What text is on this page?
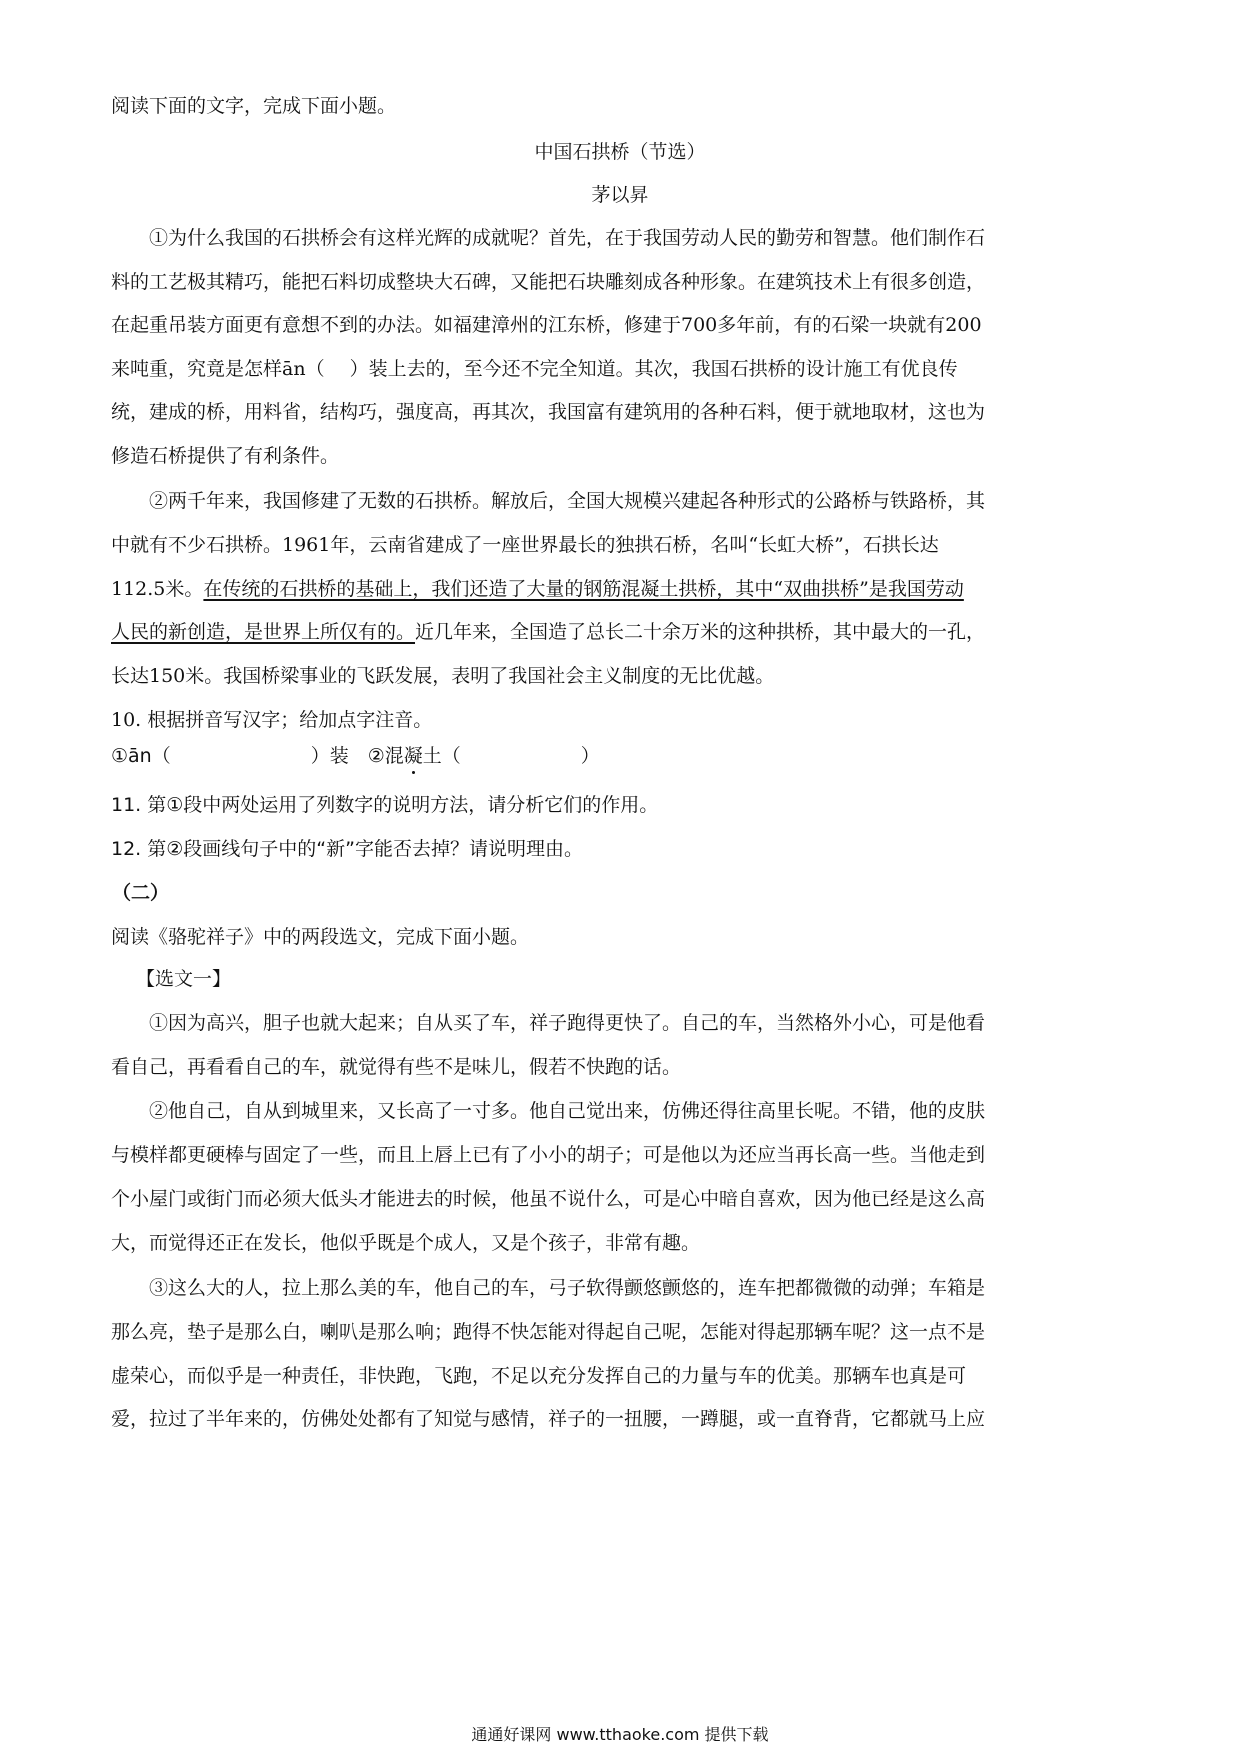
阅读下面的文字，完成下面小题。
中国石拱桥（节选）
茅以昇
①为什么我国的石拱桥会有这样光辉的成就呢？首先，在于我国劳动人民的勤劳和智慧。他们制作石
料的工艺极其精巧，能把石料切成整块大石碑，又能把石块雕刻成各种形象。在建筑技术上有很多创造，
在起重吊装方面更有意想不到的办法。如福建漳州的江东桥，修建于700多年前，有的石梁一块就有200
来吨重，究竟是怎样ān（　 ）装上去的，至今还不完全知道。其次，我国石拱桥的设计施工有优良传
统，建成的桥，用料省，结构巧，强度高，再其次，我国富有建筑用的各种石料，便于就地取材，这也为
修造石桥提供了有利条件。
②两千年来，我国修建了无数的石拱桥。解放后，全国大规模兴建起各种形式的公路桥与铁路桥，其
中就有不少石拱桥。1961年，云南省建成了一座世界最长的独拱石桥，名叫“长虹大桥”，石拱长达
112.5米。在传统的石拱桥的基础上，我们还造了大量的钢筋混凝土拱桥，其中“双曲拱桥”是我国劳动
人民的新创造，是世界上所仅有的。近几年来，全国造了总长二十余万米的这种拱桥，其中最大的一孔，
长达150米。我国桥梁事业的飞跃发展，表明了我国社会主义制度的无比优越。
10. 根据拼音写汉字；给加点字注音。
①ān（	）装　②混凝土（	）
11. 第①段中两处运用了列数字的说明方法，请分析它们的作用。
12. 第②段画线句子中的“新”字能否去掉？请说明理由。
（二）
阅读《骆驼祥子》中的两段选文，完成下面小题。
【选文一】
①因为高兴，胆子也就大起来；自从买了车，祥子跑得更快了。自己的车，当然格外小心，可是他看
看自己，再看看自己的车，就觉得有些不是味儿，假若不快跑的话。
②他自己，自从到城里来，又长高了一寸多。他自己觉出来，仿佛还得往高里长呢。不错，他的皮肤
与模样都更硬棒与固定了一些，而且上唇上已有了小小的胡子；可是他以为还应当再长高一些。当他走到
个小屋门或街门而必须大低头才能进去的时候，他虽不说什么，可是心中暗自喜欢，因为他已经是这么高
大，而觉得还正在发长，他似乎既是个成人，又是个孩子，非常有趣。
③这么大的人，拉上那么美的车，他自己的车，弓子软得颤悠颤悠的，连车把都微微的动弹；车箱是
那么亮，垫子是那么白，喇叭是那么响；跑得不快怎能对得起自己呢，怎能对得起那辆车呢？这一点不是
虚荣心，而似乎是一种责任，非快跑，飞跑，不足以充分发挥自己的力量与车的优美。那辆车也真是可
爱，拉过了半年来的，仿佛处处都有了知觉与感情，祥子的一扭腰，一蹲腿，或一直脊背，它都就马上应
通通好课网 www.tthaoke.com 提供下载
